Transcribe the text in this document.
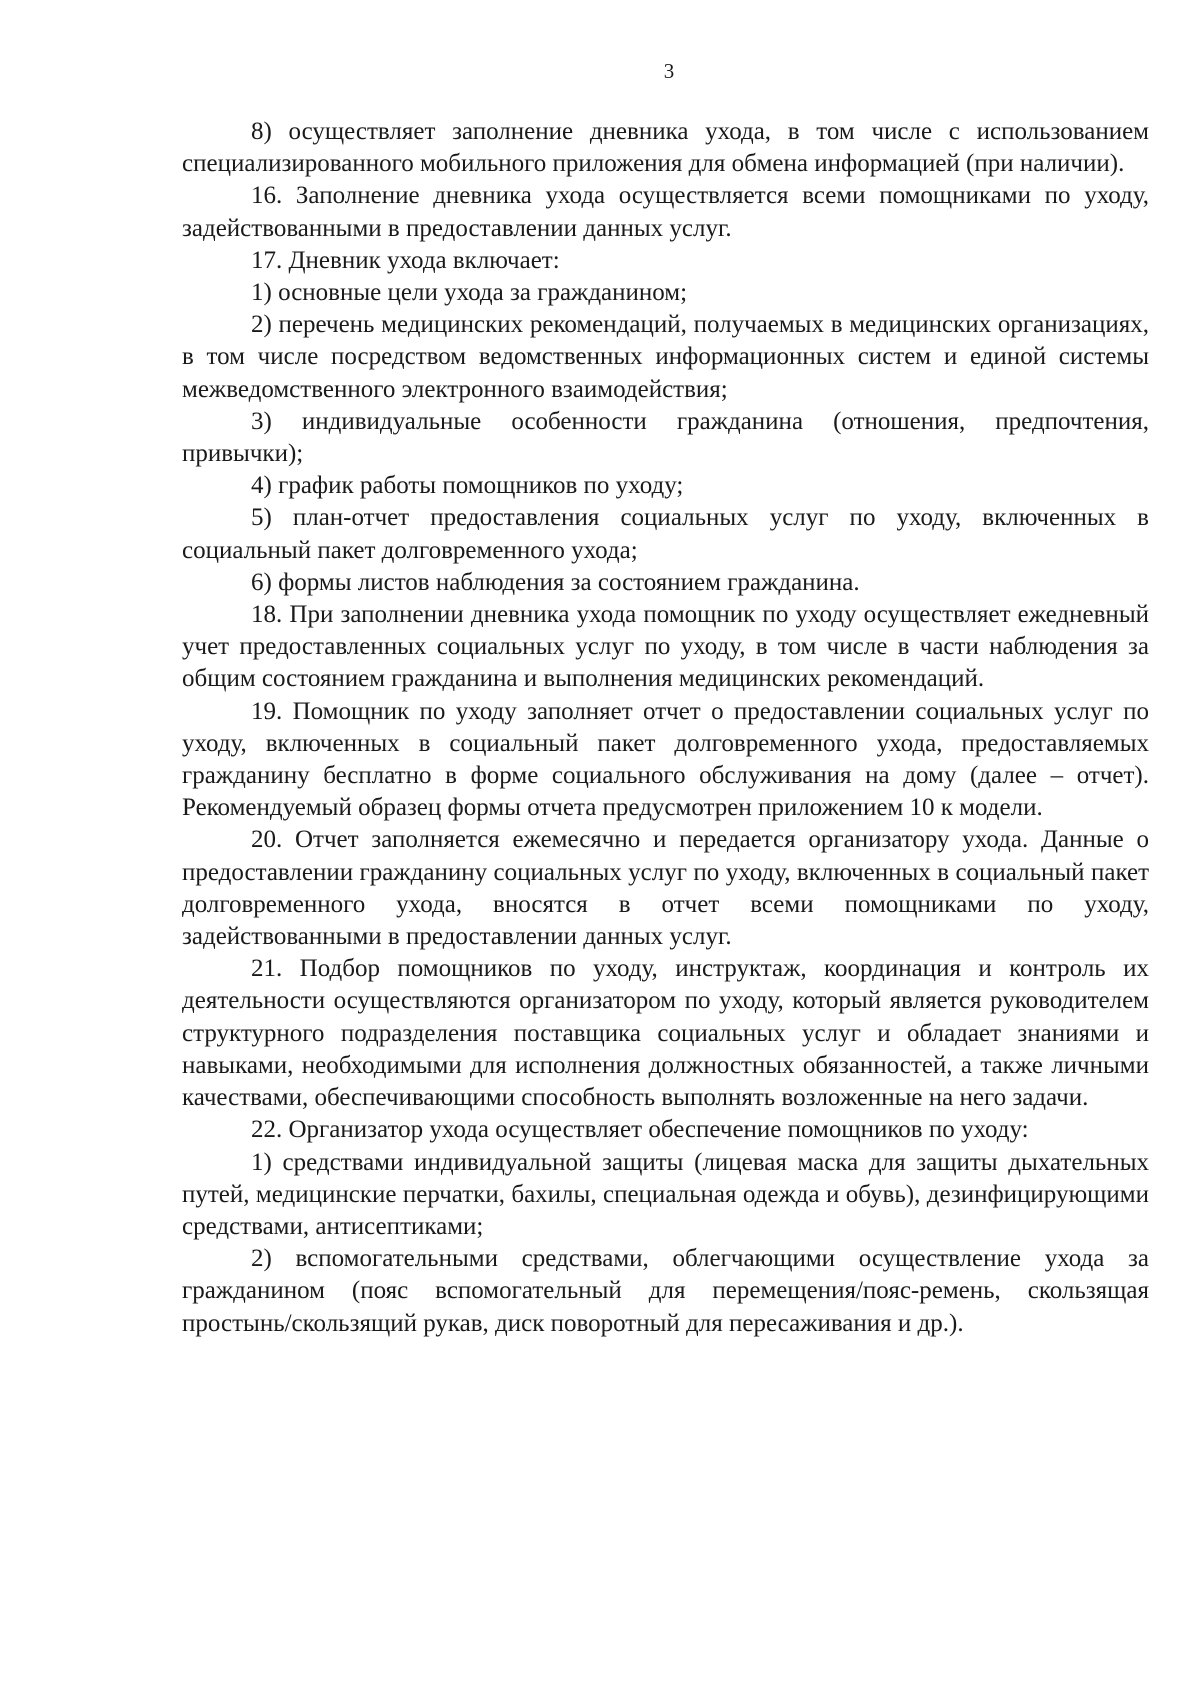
3

8) осуществляет заполнение дневника ухода, в том числе с использованием специализированного мобильного приложения для обмена информацией (при наличии).

16. Заполнение дневника ухода осуществляется всеми помощниками по уходу, задействованными в предоставлении данных услуг.

17. Дневник ухода включает:

1) основные цели ухода за гражданином;

2) перечень медицинских рекомендаций, получаемых в медицинских организациях, в том числе посредством ведомственных информационных систем и единой системы межведомственного электронного взаимодействия;

3) индивидуальные особенности гражданина (отношения, предпочтения, привычки);

4) график работы помощников по уходу;

5) план-отчет предоставления социальных услуг по уходу, включенных в социальный пакет долговременного ухода;

6) формы листов наблюдения за состоянием гражданина.

18. При заполнении дневника ухода помощник по уходу осуществляет ежедневный учет предоставленных социальных услуг по уходу, в том числе в части наблюдения за общим состоянием гражданина и выполнения медицинских рекомендаций.

19. Помощник по уходу заполняет отчет о предоставлении социальных услуг по уходу, включенных в социальный пакет долговременного ухода, предоставляемых гражданину бесплатно в форме социального обслуживания на дому (далее – отчет). Рекомендуемый образец формы отчета предусмотрен приложением 10 к модели.

20. Отчет заполняется ежемесячно и передается организатору ухода. Данные о предоставлении гражданину социальных услуг по уходу, включенных в социальный пакет долговременного ухода, вносятся в отчет всеми помощниками по уходу, задействованными в предоставлении данных услуг.

21. Подбор помощников по уходу, инструктаж, координация и контроль их деятельности осуществляются организатором по уходу, который является руководителем структурного подразделения поставщика социальных услуг и обладает знаниями и навыками, необходимыми для исполнения должностных обязанностей, а также личными качествами, обеспечивающими способность выполнять возложенные на него задачи.

22. Организатор ухода осуществляет обеспечение помощников по уходу:

1) средствами индивидуальной защиты (лицевая маска для защиты дыхательных путей, медицинские перчатки, бахилы, специальная одежда и обувь), дезинфицирующими средствами, антисептиками;

2) вспомогательными средствами, облегчающими осуществление ухода за гражданином (пояс вспомогательный для перемещения/пояс-ремень, скользящая простынь/скользящий рукав, диск поворотный для пересаживания и др.).
